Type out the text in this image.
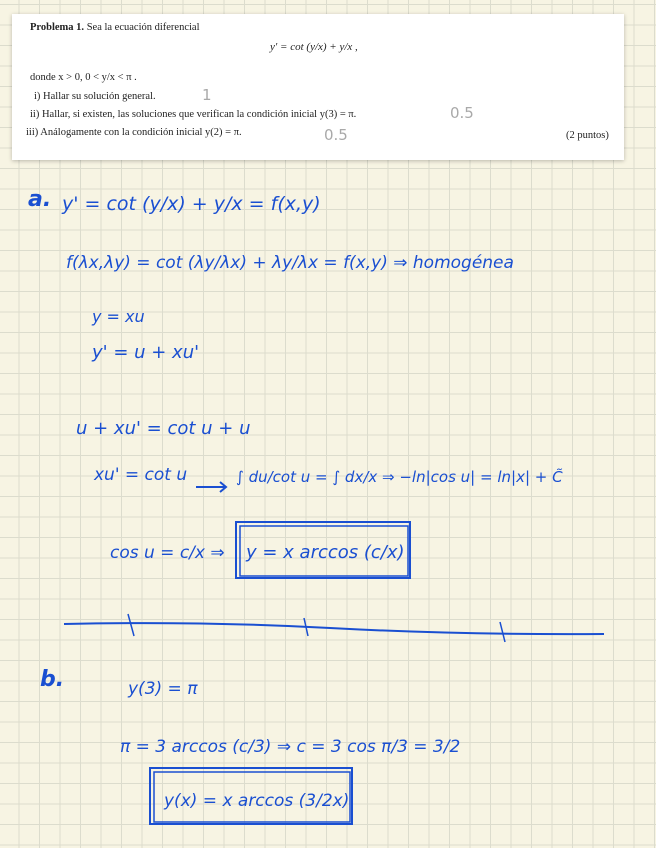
Problema 1. Sea la ecuación diferencial
y′ = cot (y/x) + y/x ,
donde x > 0, 0 < y/x < π .
i) Hallar su solución general.
ii) Hallar, si existen, las soluciones que verifican la condición inicial y(3) = π.
iii) Análogamente con la condición inicial y(2) = π.	(2 puntos)
1
0.5
0.5
a. y' = cot (y/x) + y/x = f(x,y)
f(λx,λy) = cot (λy/λx) + λy/λx = f(x,y) ⇒ homogénea
y = xu
y' = u + xu'
u + xu' = cot u + u
xu' = cot u	∫ du/cot u = ∫ dx/x ⇒ −ln|cos u| = ln|x| + C̃
cos u = c/x ⇒ y = x arccos (c/x)
b.	y(3) = π
π = 3 arccos (c/3) ⇒ c = 3 cos π/3 = 3/2
y(x) = x arccos (3/2x)
